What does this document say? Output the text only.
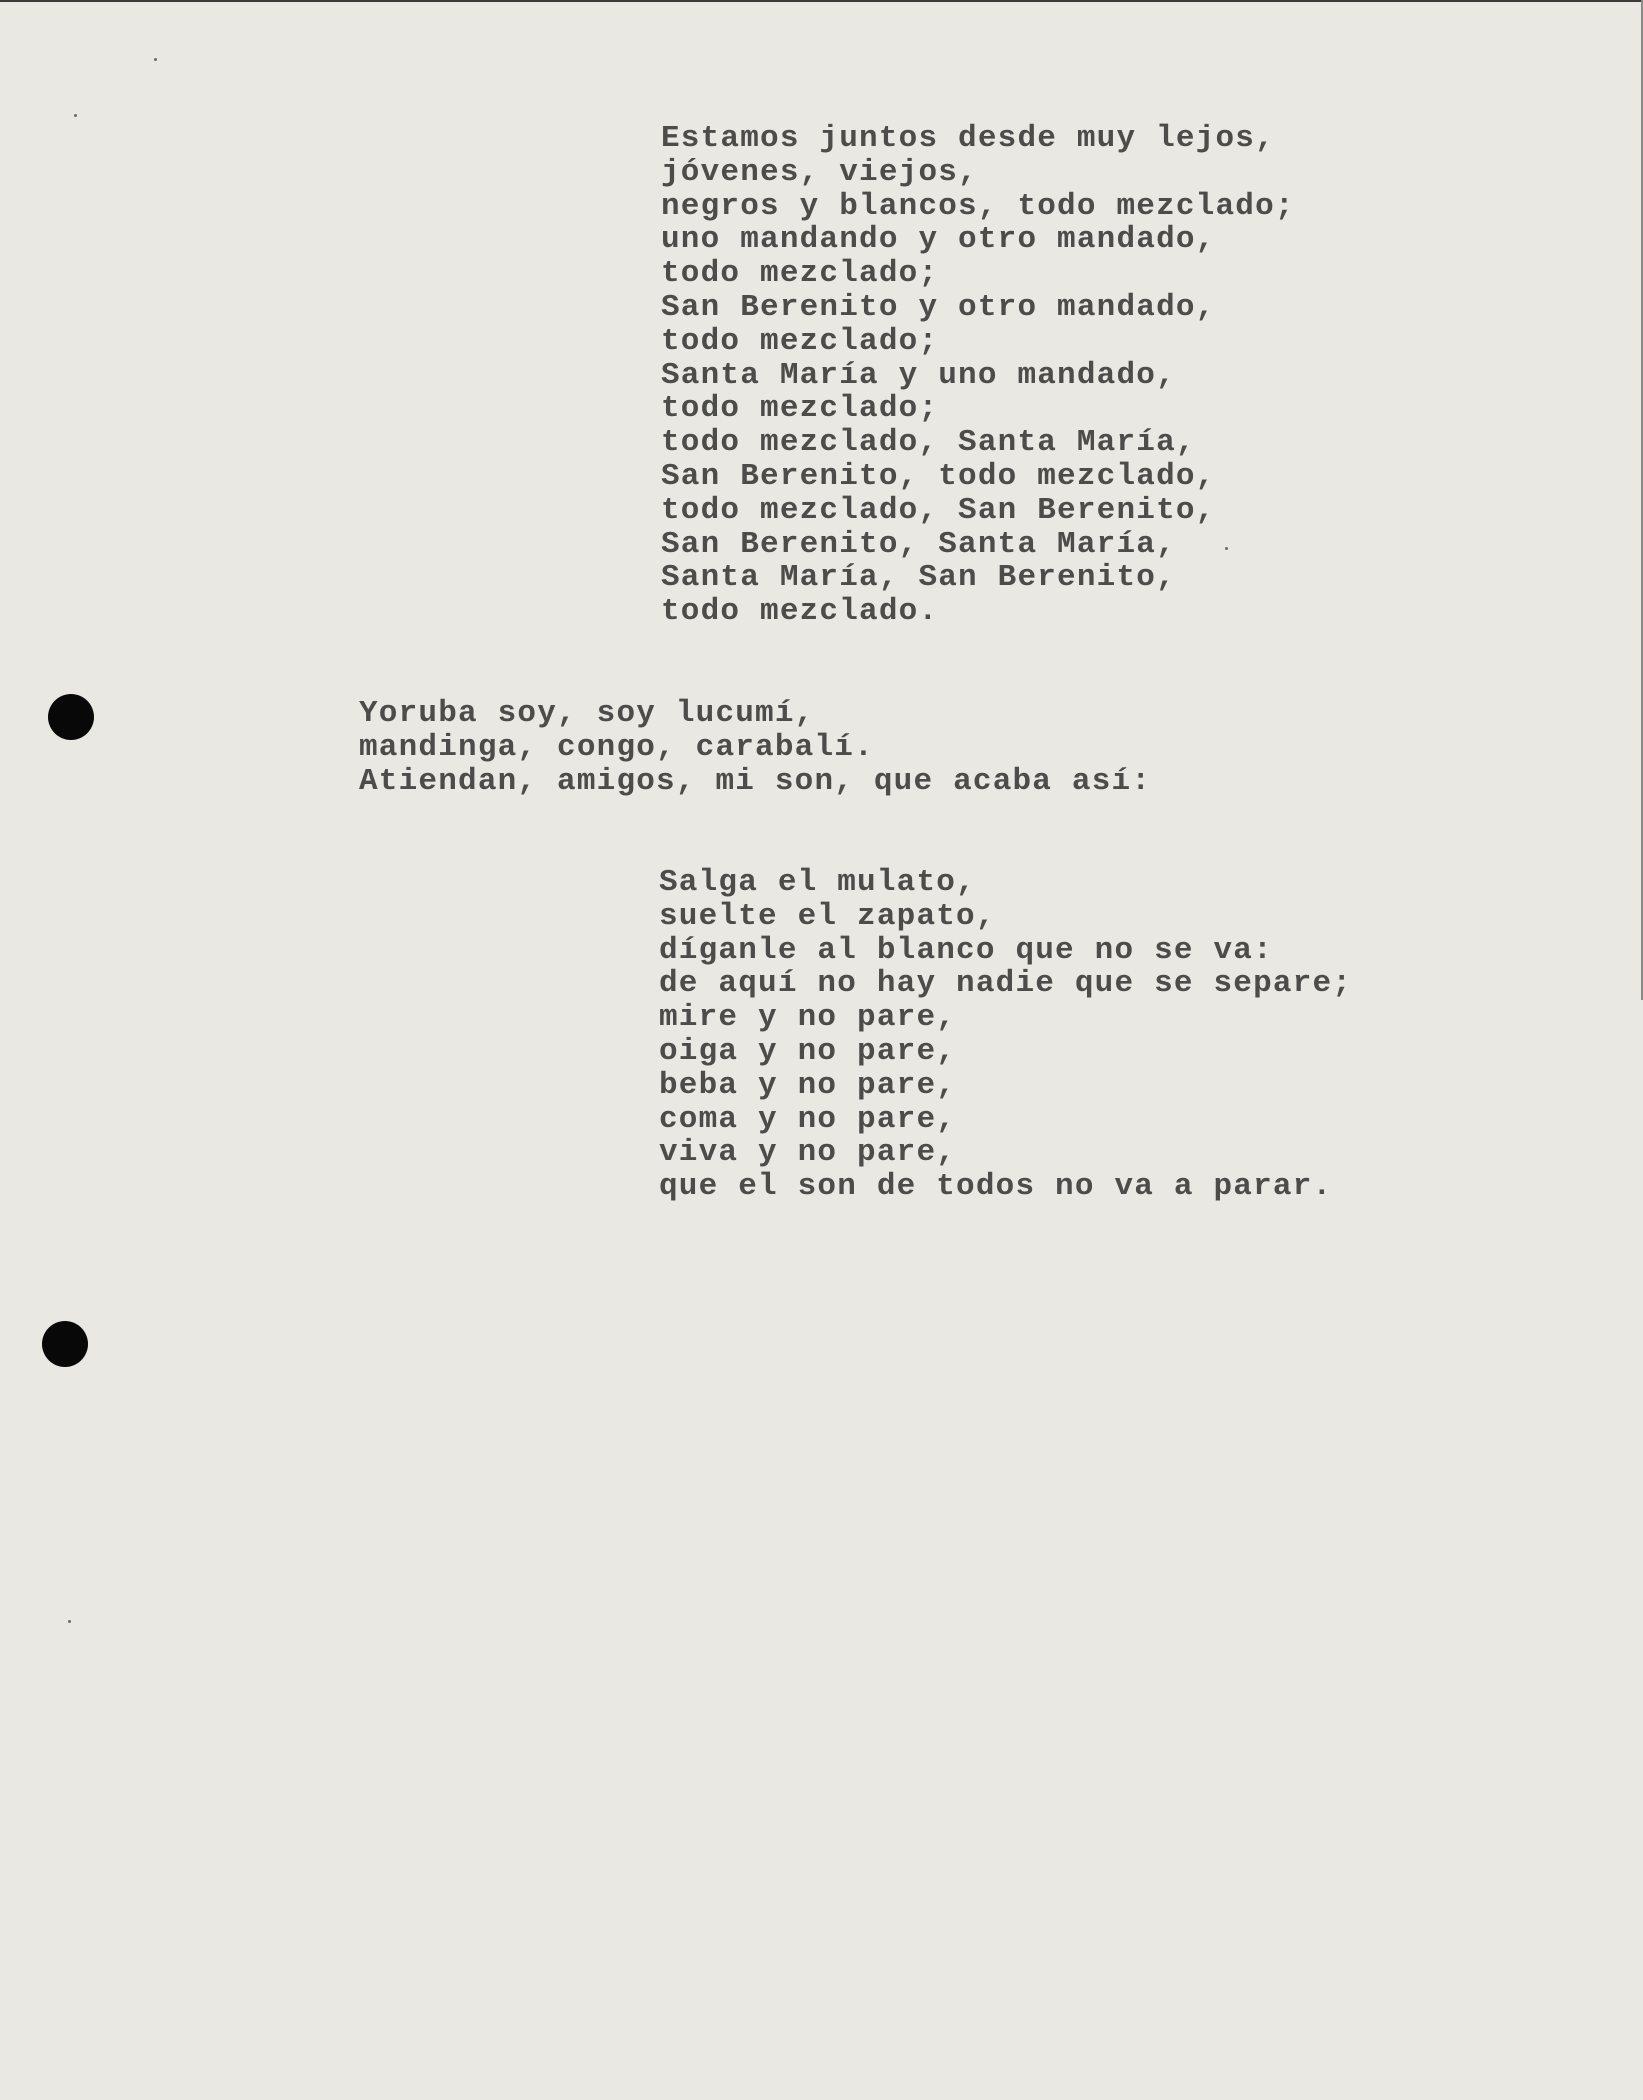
Estamos juntos desde muy lejos,
jóvenes, viejos,
negros y blancos, todo mezclado;
uno mandando y otro mandado,
todo mezclado;
San Berenito y otro mandado,
todo mezclado;
Santa María y uno mandado,
todo mezclado;
todo mezclado, Santa María,
San Berenito, todo mezclado,
todo mezclado, San Berenito,
San Berenito, Santa María,
Santa María, San Berenito,
todo mezclado.
Yoruba soy, soy lucumí,
mandinga, congo, carabalí.
Atiendan, amigos, mi son, que acaba así:
Salga el mulato,
suelte el zapato,
díganle al blanco que no se va:
de aquí no hay nadie que se separe;
mire y no pare,
oiga y no pare,
beba y no pare,
coma y no pare,
viva y no pare,
que el son de todos no va a parar.
